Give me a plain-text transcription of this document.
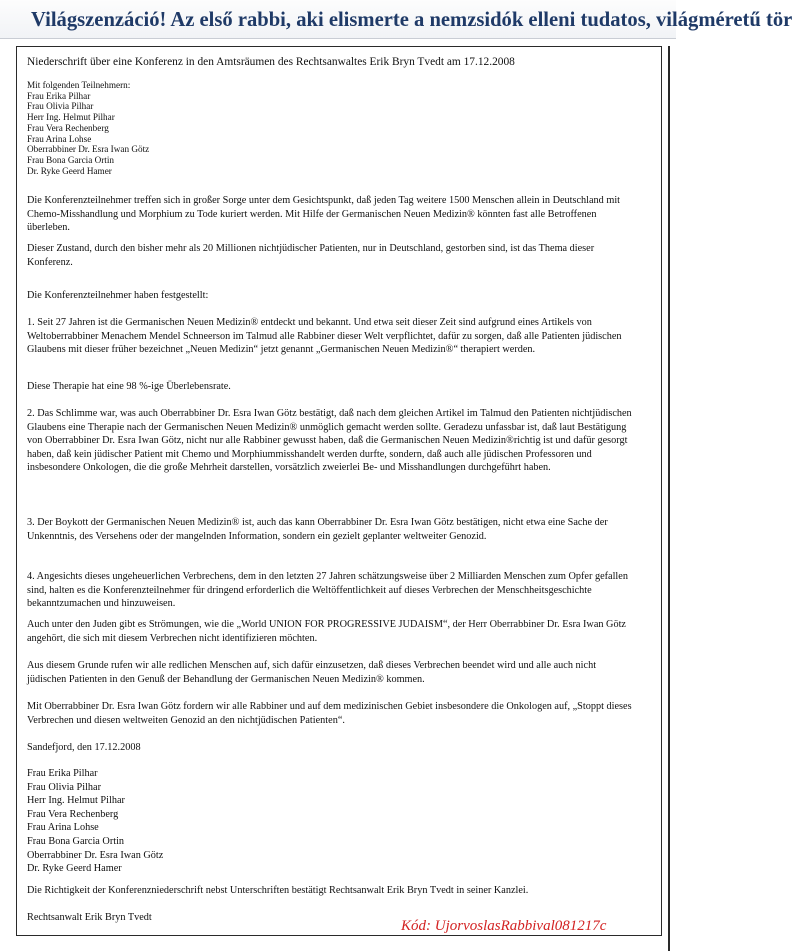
Világszenzáció! Az első rabbi, aki elismerte a nemzsidók elleni tudatos, világméretű tör
Niederschrift über eine Konferenz in den Amtsräumen des Rechtsanwaltes Erik Bryn Tvedt am 17.12.2008
Mit folgenden Teilnehmern:
Frau Erika Pilhar
Frau Olivia Pilhar
Herr Ing. Helmut Pilhar
Frau Vera Rechenberg
Frau Arina Lohse
Oberrabbiner Dr. Esra Iwan Götz
Frau Bona Garcia Ortin
Dr. Ryke Geerd Hamer

Die Konferenzteilnehmer treffen sich in großer Sorge unter dem Gesichtspunkt, daß jeden Tag weitere 1500 Menschen allein in Deutschland mit Chemo-Misshandlung und Morphium zu Tode kuriert werden. Mit Hilfe der Germanischen Neuen Medizin® könnten fast alle Betroffenen überleben.

Dieser Zustand, durch den bisher mehr als 20 Millionen nichtjüdischer Patienten, nur in Deutschland, gestorben sind, ist das Thema dieser Konferenz.

Die Konferenzteilnehmer haben festgestellt:

1. Seit 27 Jahren ist die Germanischen Neuen Medizin® entdeckt und bekannt. Und etwa seit dieser Zeit sind aufgrund eines Artikels von Weltoberrabbiner Menachem Mendel Schneerson im Talmud alle Rabbiner dieser Welt verpflichtet, dafür zu sorgen, daß alle Patienten jüdischen Glaubens mit dieser früher bezeichnet „Neuen Medizin“ jetzt genannt „Germanischen Neuen Medizin®“ therapiert werden.

Diese Therapie hat eine 98 %-ige Überlebensrate.

2. Das Schlimme war, was auch Oberrabbiner Dr. Esra Iwan Götz bestätigt, daß nach dem gleichen Artikel im Talmud den Patienten nichtjüdischen Glaubens eine Therapie nach der Germanischen Neuen Medizin® unmöglich gemacht werden sollte. Geradezu unfassbar ist, daß laut Bestätigung von Oberrabbiner Dr. Esra Iwan Götz, nicht nur alle Rabbiner gewusst haben, daß die Germanischen Neuen Medizin®richtig ist und dafür gesorgt haben, daß kein jüdischer Patient mit Chemo und Morphiummisshandelt werden durfte, sondern, daß auch alle jüdischen Professoren und insbesondere Onkologen, die die große Mehrheit darstellen, vorsätzlich zweierlei Be- und Misshandlungen durchgeführt haben.

3. Der Boykott der Germanischen Neuen Medizin® ist, auch das kann Oberrabbiner Dr. Esra Iwan Götz bestätigen, nicht etwa eine Sache der Unkenntnis, des Versehens oder der mangelnden Information, sondern ein gezielt geplanter weltweiter Genozid.

4. Angesichts dieses ungeheuerlichen Verbrechens, dem in den letzten 27 Jahren schätzungsweise über 2 Milliarden Menschen zum Opfer gefallen sind, halten es die Konferenzteilnehmer für dringend erforderlich die Weltöffentlichkeit auf dieses Verbrechen der Menschheitsgeschichte bekanntzumachen und hinzuweisen.

Auch unter den Juden gibt es Strömungen, wie die „World UNION FOR PROGRESSIVE JUDAISM“, der Herr Oberrabbiner Dr. Esra Iwan Götz angehört, die sich mit diesem Verbrechen nicht identifizieren möchten.

Aus diesem Grunde rufen wir alle redlichen Menschen auf, sich dafür einzusetzen, daß dieses Verbrechen beendet wird und alle auch nicht jüdischen Patienten in den Genuß der Behandlung der Germanischen Neuen Medizin® kommen.

Mit Oberrabbiner Dr. Esra Iwan Götz fordern wir alle Rabbiner und auf dem medizinischen Gebiet insbesondere die Onkologen auf, „Stoppt dieses Verbrechen und diesen weltweiten Genozid an den nichtjüdischen Patienten“.

Sandefjord, den 17.12.2008

Frau Erika Pilhar
Frau Olivia Pilhar
Herr Ing. Helmut Pilhar
Frau Vera Rechenberg
Frau Arina Lohse
Frau Bona Garcia Ortin
Oberrabbiner Dr. Esra Iwan Götz
Dr. Ryke Geerd Hamer

Die Richtigkeit der Konferenzniederschrift nebst Unterschriften bestätigt Rechtsanwalt Erik Bryn Tvedt in seiner Kanzlei.

Rechtsanwalt Erik Bryn Tvedt

Kód: UjorvoslasRabbival081217c
